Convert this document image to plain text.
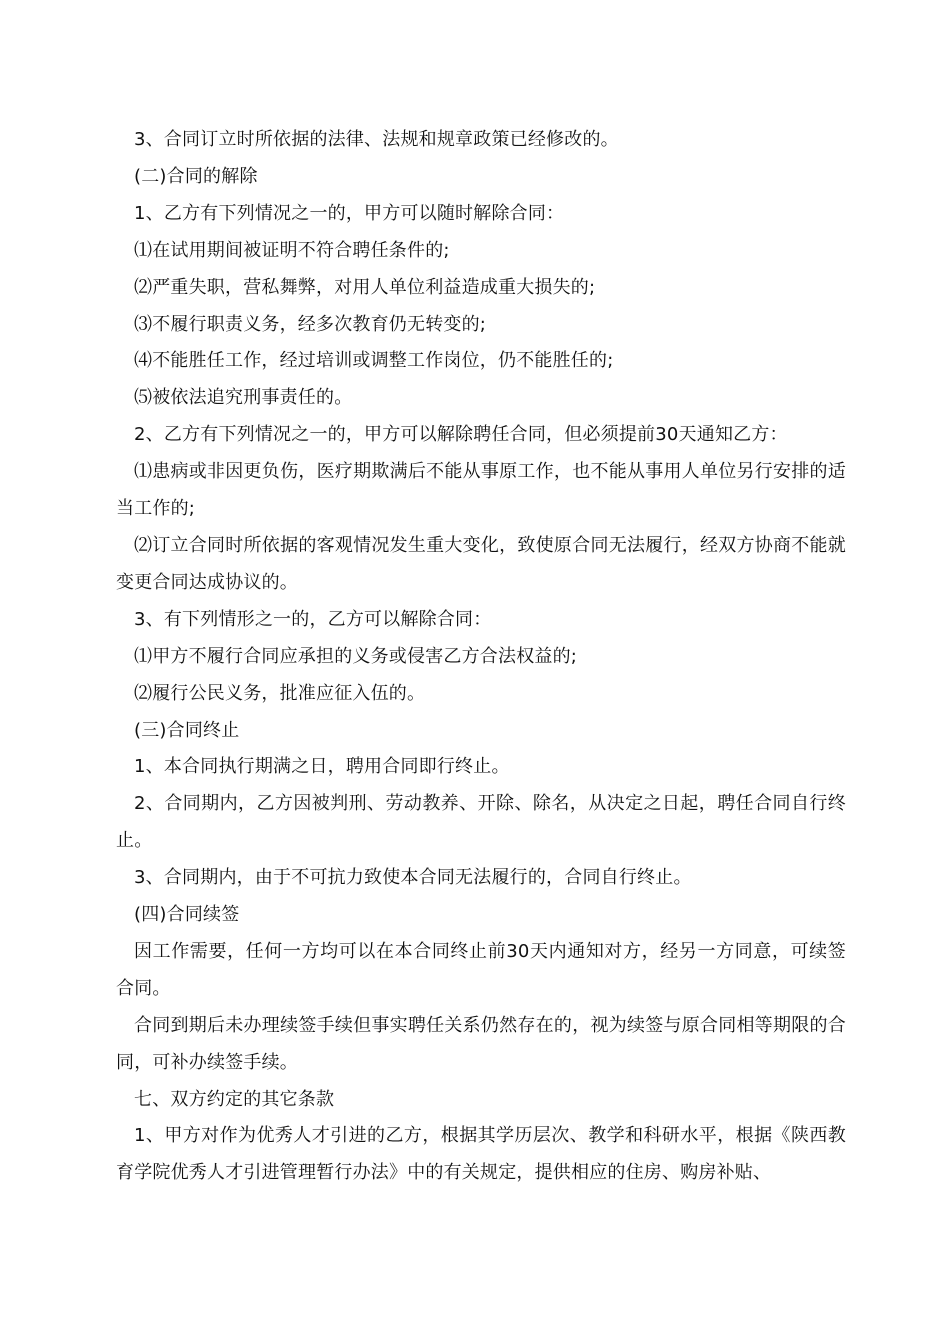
3、合同订立时所依据的法律、法规和规章政策已经修改的。

(二)合同的解除

1、乙方有下列情况之一的，甲方可以随时解除合同：

⑴在试用期间被证明不符合聘任条件的;

⑵严重失职，营私舞弊，对用人单位利益造成重大损失的;

⑶不履行职责义务，经多次教育仍无转变的;

⑷不能胜任工作，经过培训或调整工作岗位，仍不能胜任的;

⑸被依法追究刑事责任的。

2、乙方有下列情况之一的，甲方可以解除聘任合同，但必须提前30天通知乙方：

⑴患病或非因更负伤，医疗期欺满后不能从事原工作，也不能从事用人单位另行安排的适当工作的;

⑵订立合同时所依据的客观情况发生重大变化，致使原合同无法履行，经双方协商不能就变更合同达成协议的。

3、有下列情形之一的，乙方可以解除合同：

⑴甲方不履行合同应承担的义务或侵害乙方合法权益的;

⑵履行公民义务，批准应征入伍的。

(三)合同终止

1、本合同执行期满之日，聘用合同即行终止。

2、合同期内，乙方因被判刑、劳动教养、开除、除名，从决定之日起，聘任合同自行终止。

3、合同期内，由于不可抗力致使本合同无法履行的，合同自行终止。

(四)合同续签

因工作需要，任何一方均可以在本合同终止前30天内通知对方，经另一方同意，可续签合同。

合同到期后未办理续签手续但事实聘任关系仍然存在的，视为续签与原合同相等期限的合同，可补办续签手续。

七、双方约定的其它条款

1、甲方对作为优秀人才引进的乙方，根据其学历层次、教学和科研水平，根据《陕西教育学院优秀人才引进管理暂行办法》中的有关规定，提供相应的住房、购房补贴、
